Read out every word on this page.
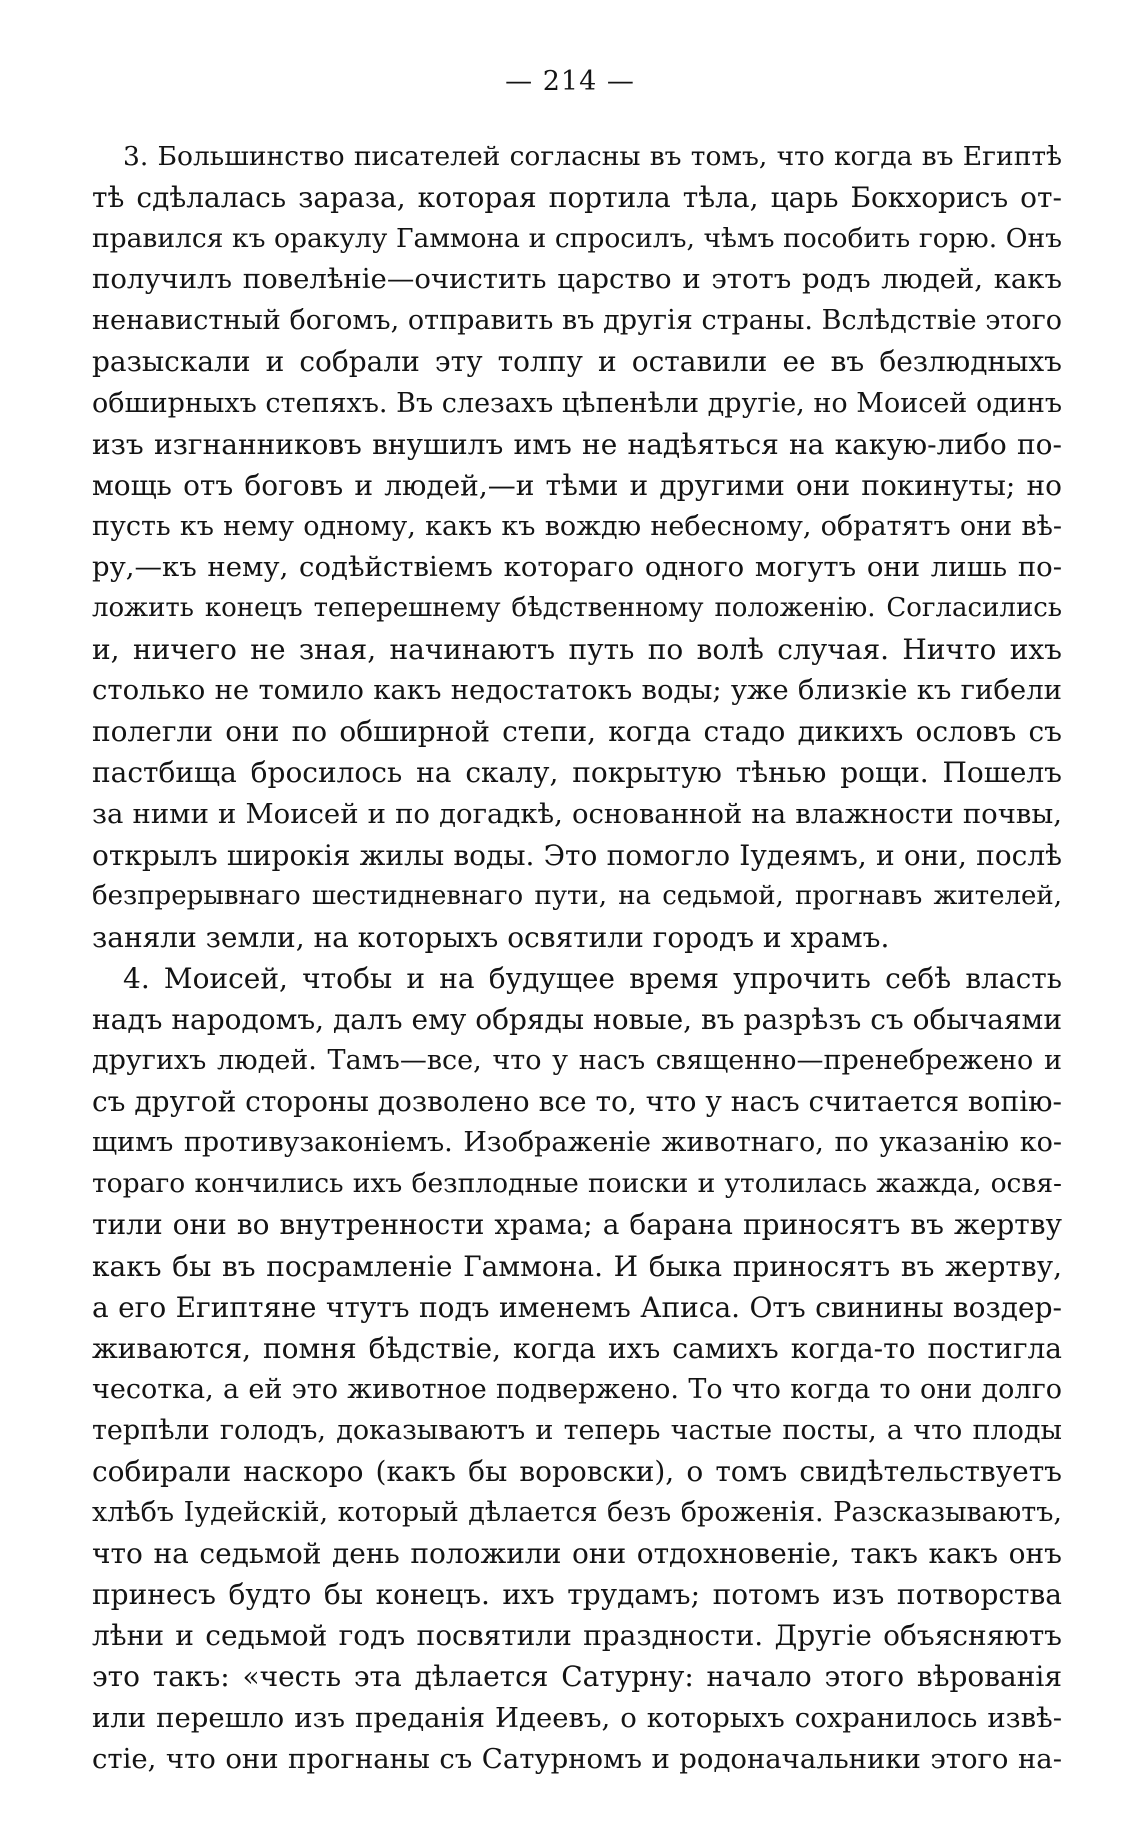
— 214 —
3. Большинство писателей согласны въ томъ, что когда въ Египтѣ
тѣ сдѣлалась зараза, которая портила тѣла, царь Бокхорисъ от-
правился къ оракулу Гаммона и спросилъ, чѣмъ пособить горю. Онъ
получилъ повелѣніе—очистить царство и этотъ родъ людей, какъ
ненавистный богомъ, отправить въ другія страны. Вслѣдствіе этого
разыскали и собрали эту толпу и оставили ее въ безлюдныхъ
обширныхъ степяхъ. Въ слезахъ цѣпенѣли другіе, но Моисей одинъ
изъ изгнанниковъ внушилъ имъ не надѣяться на какую-либо по-
мощь отъ боговъ и людей,—и тѣми и другими они покинуты; но
пусть къ нему одному, какъ къ вождю небесному, обратятъ они вѣ-
ру,—къ нему, содѣйствіемъ котораго одного могутъ они лишь по-
ложить конецъ теперешнему бѣдственному положенію. Согласились
и, ничего не зная, начинаютъ путь по волѣ случая. Ничто ихъ
столько не томило какъ недостатокъ воды; уже близкіе къ гибели
полегли они по обширной степи, когда стадо дикихъ ословъ съ
пастбища бросилось на скалу, покрытую тѣнью рощи. Пошелъ
за ними и Моисей и по догадкѣ, основанной на влажности почвы,
открылъ широкія жилы воды. Это помогло Іудеямъ, и они, послѣ
безпрерывнаго шестидневнаго пути, на седьмой, прогнавъ жителей,
заняли земли, на которыхъ освятили городъ и храмъ.
4. Моисей, чтобы и на будущее время упрочить себѣ власть
надъ народомъ, далъ ему обряды новые, въ разрѣзъ съ обычаями
другихъ людей. Тамъ—все, что у насъ священно—пренебрежено и
съ другой стороны дозволено все то, что у насъ считается вопію-
щимъ противузаконіемъ. Изображеніе животнаго, по указанію ко-
тораго кончились ихъ безплодные поиски и утолилась жажда, освя-
тили они во внутренности храма; а барана приносятъ въ жертву
какъ бы въ посрамленіе Гаммона. И быка приносятъ въ жертву,
а его Египтяне чтутъ подъ именемъ Аписа. Отъ свинины воздер-
живаются, помня бѣдствіе, когда ихъ самихъ когда-то постигла
чесотка, а ей это животное подвержено. То что когда то они долго
терпѣли голодъ, доказываютъ и теперь частые посты, а что плоды
собирали наскоро (какъ бы воровски), о томъ свидѣтельствуетъ
хлѣбъ Іудейскій, который дѣлается безъ броженія. Разсказываютъ,
что на седьмой день положили они отдохновеніе, такъ какъ онъ
принесъ будто бы конецъ. ихъ трудамъ; потомъ изъ потворства
лѣни и седьмой годъ посвятили праздности. Другіе объясняютъ
это такъ: «честь эта дѣлается Сатурну: начало этого вѣрованія
или перешло изъ преданія Идеевъ, о которыхъ сохранилось извѣ-
стіе, что они прогнаны съ Сатурномъ и родоначальники этого на-
